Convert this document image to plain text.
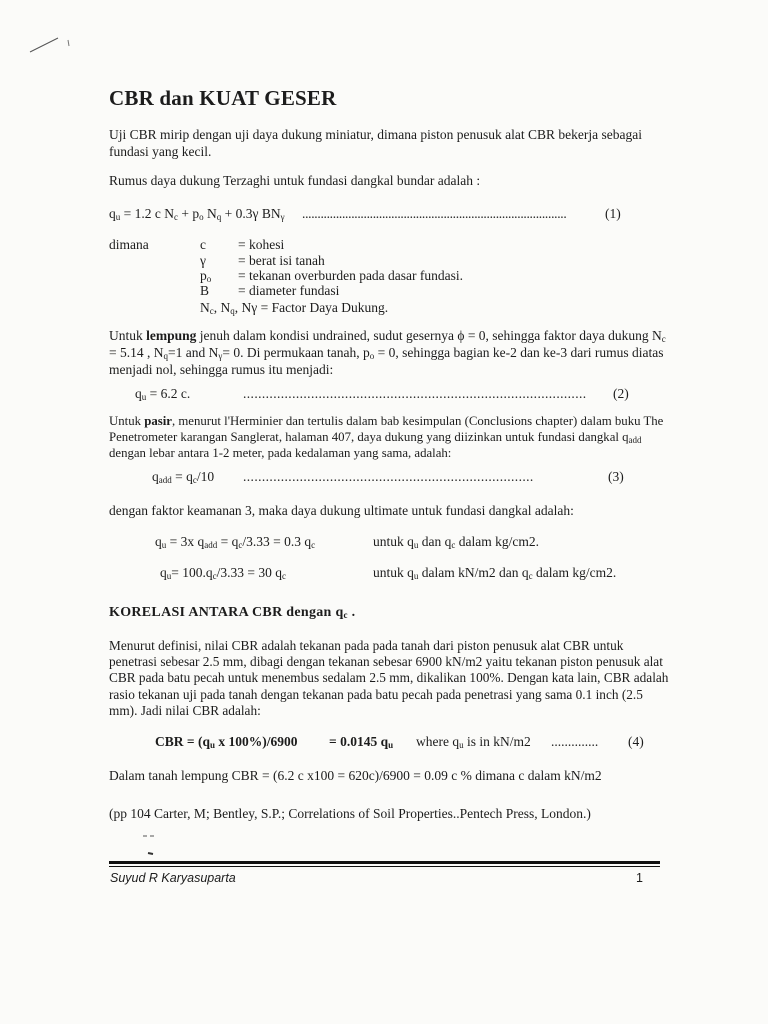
CBR dan KUAT GESER
Uji CBR mirip dengan uji daya dukung miniatur, dimana piston penusuk alat CBR bekerja sebagai fundasi yang kecil.
Rumus daya dukung Terzaghi untuk fundasi dangkal bundar adalah :
$q_u = 1.2$ c $N_c + p_o$ $N_q + 0.3\gamma$ $BN_\gamma$ ......................................................................................	(1)
dimana	c = kohesi
γ = berat isi tanah
$p_o$ = tekanan overburden pada dasar fundasi.
B = diameter fundasi
$N_c$, $N_q$, Nγ = Factor Daya Dukung.
Untuk lempung jenuh dalam kondisi undrained, sudut gesernya ϕ = 0, sehingga faktor daya dukung $N_c = 5.14$ , $N_q=1$ and $N_\gamma= 0$. Di permukaan tanah, $p_o = 0$, sehingga bagian ke-2 dan ke-3 dari rumus diatas menjadi nol, sehingga rumus itu menjadi:
$q_u = 6.2$ c.	........................................................................................... (2)
Untuk pasir, menurut l'Herminier dan tertulis dalam bab kesimpulan (Conclusions chapter) dalam buku The Penetrometer karangan Sanglerat, halaman 407, daya dukung yang diizinkan untuk fundasi dangkal $q_{add}$ dengan lebar antara 1-2 meter, pada kedalaman yang sama, adalah:
$q_{add} = q_c/10$ .............................................................................	(3)
dengan faktor keamanan 3, maka daya dukung ultimate untuk fundasi dangkal adalah:
$q_u = 3x$ $q_{add} = q_c/3.33 = 0.3$ $q_c$	untuk $q_u$ dan $q_c$ dalam kg/cm2.
$q_u= 100.q_c/3.33 = 30$ $q_c$	untuk $q_u$ dalam kN/m2 dan $q_c$ dalam kg/cm2.
KORELASI ANTARA CBR dengan $q_c$ .
Menurut definisi, nilai CBR adalah tekanan pada pada tanah dari piston penusuk alat CBR untuk penetrasi sebesar 2.5 mm, dibagi dengan tekanan sebesar 6900 kN/m2 yaitu tekanan piston penusuk alat CBR pada batu pecah untuk menembus sedalam 2.5 mm, dikalikan 100%. Dengan kata lain, CBR adalah rasio tekanan uji pada tanah dengan tekanan pada batu pecah pada penetrasi yang sama 0.1 inch (2.5 mm). Jadi nilai CBR adalah:
CBR = ($q_u$ x 100%)/6900 = 0.0145 $q_u$ where $q_u$ is in kN/m2 .............. (4)
Dalam tanah lempung CBR = (6.2 c x100 = 620c)/6900 = 0.09 c % dimana c dalam kN/m2
(pp 104 Carter, M; Bentley, S.P.; Correlations of Soil Properties..Pentech Press, London.)
Suyud R Karyasuparta	1
